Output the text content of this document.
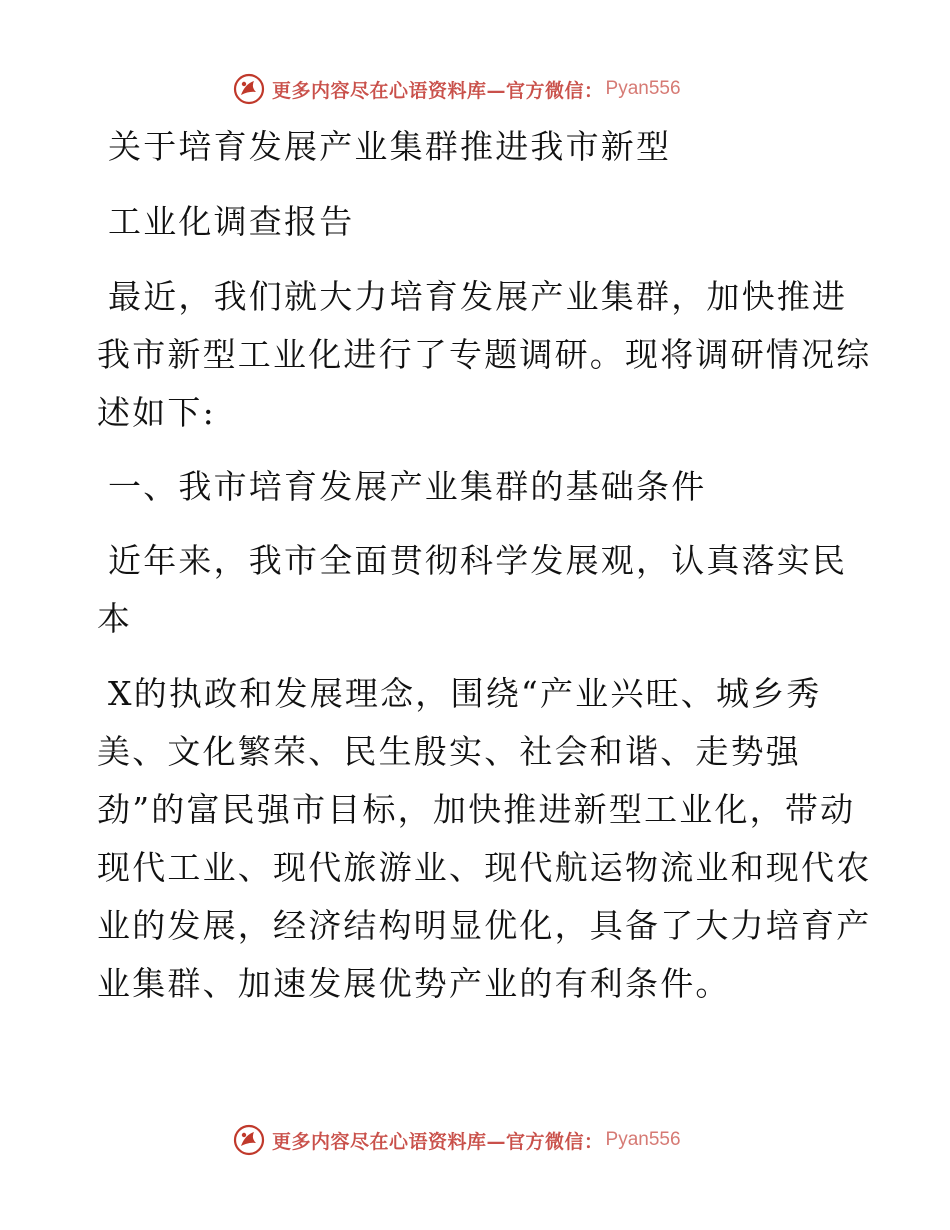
更多内容尽在心语资料库—官方微信： Pyan556
关于培育发展产业集群推进我市新型
工业化调查报告
最近，我们就大力培育发展产业集群，加快推进
我市新型工业化进行了专题调研。现将调研情况综
述如下:
一、我市培育发展产业集群的基础条件
近年来，我市全面贯彻科学发展观，认真落实民
本
X的执政和发展理念，围绕“产业兴旺、城乡秀
美、文化繁荣、民生殷实、社会和谐、走势强
劲”的富民强市目标，加快推进新型工业化，带动
现代工业、现代旅游业、现代航运物流业和现代农
业的发展，经济结构明显优化，具备了大力培育产
业集群、加速发展优势产业的有利条件。
更多内容尽在心语资料库—官方微信： Pyan556
